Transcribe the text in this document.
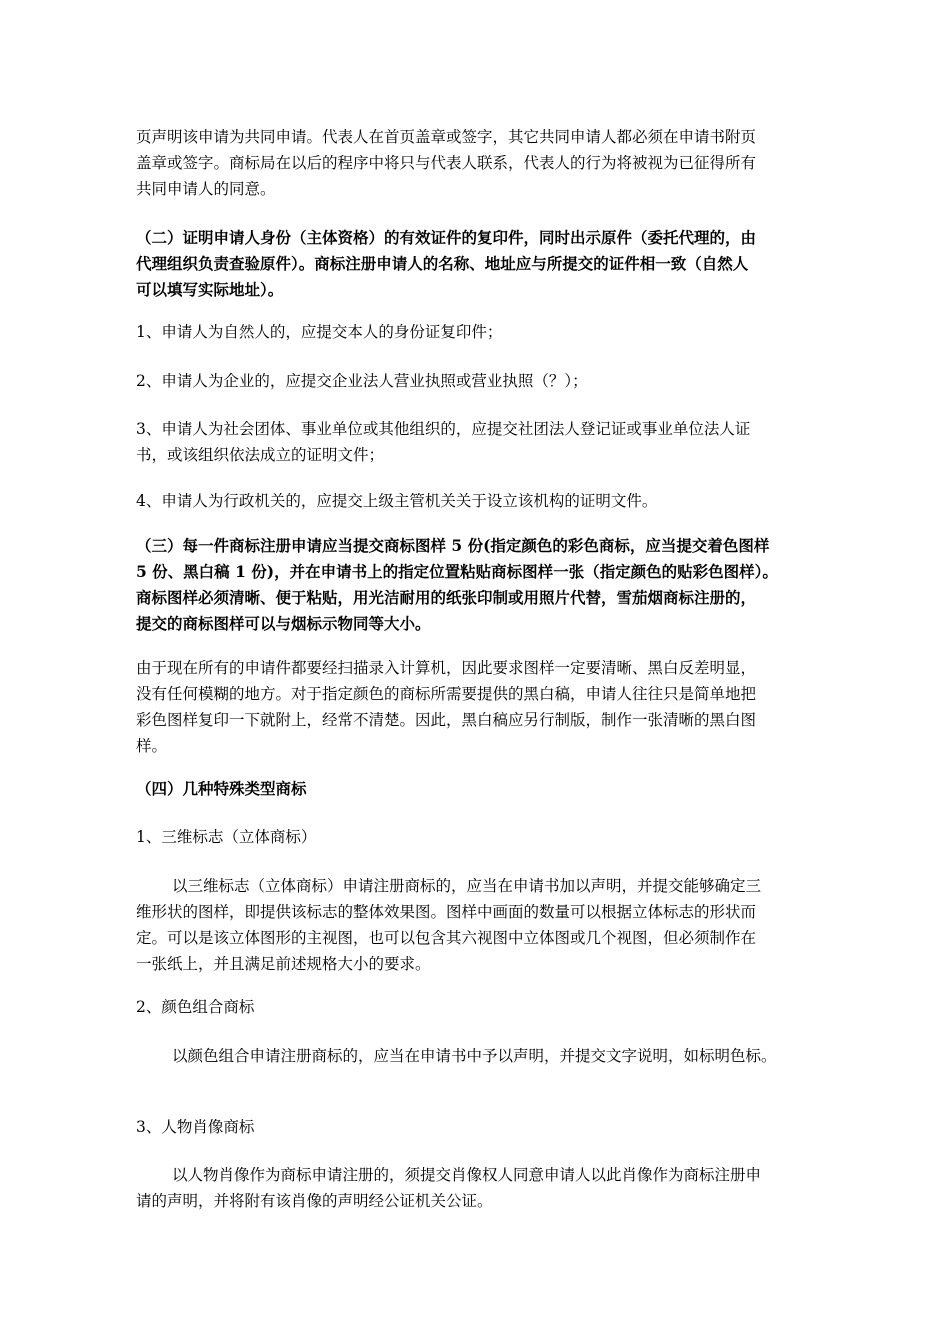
页声明该申请为共同申请。代表人在首页盖章或签字，其它共同申请人都必须在申请书附页
盖章或签字。商标局在以后的程序中将只与代表人联系，代表人的行为将被视为已征得所有
共同申请人的同意。
（二）证明申请人身份（主体资格）的有效证件的复印件，同时出示原件（委托代理的，由
代理组织负责查验原件）。商标注册申请人的名称、地址应与所提交的证件相一致（自然人
可以填写实际地址）。
1、申请人为自然人的，应提交本人的身份证复印件；
2、申请人为企业的，应提交企业法人营业执照或营业执照（？）；
3、申请人为社会团体、事业单位或其他组织的，应提交社团法人登记证或事业单位法人证
书，或该组织依法成立的证明文件；
4、申请人为行政机关的，应提交上级主管机关关于设立该机构的证明文件。
（三）每一件商标注册申请应当提交商标图样 5 份(指定颜色的彩色商标，应当提交着色图样
5 份、黑白稿 1 份)，并在申请书上的指定位置粘贴商标图样一张（指定颜色的贴彩色图样）。
商标图样必须清晰、便于粘贴，用光洁耐用的纸张印制或用照片代替，雪茄烟商标注册的，
提交的商标图样可以与烟标示物同等大小。
由于现在所有的申请件都要经扫描录入计算机，因此要求图样一定要清晰、黑白反差明显，
没有任何模糊的地方。对于指定颜色的商标所需要提供的黑白稿，申请人往往只是简单地把
彩色图样复印一下就附上，经常不清楚。因此，黑白稿应另行制版，制作一张清晰的黑白图
样。
（四）几种特殊类型商标
1、三维标志（立体商标）
以三维标志（立体商标）申请注册商标的，应当在申请书加以声明，并提交能够确定三
维形状的图样，即提供该标志的整体效果图。图样中画面的数量可以根据立体标志的形状而
定。可以是该立体图形的主视图，也可以包含其六视图中立体图或几个视图，但必须制作在
一张纸上，并且满足前述规格大小的要求。
2、颜色组合商标
以颜色组合申请注册商标的，应当在申请书中予以声明，并提交文字说明，如标明色标。
3、人物肖像商标
以人物肖像作为商标申请注册的，须提交肖像权人同意申请人以此肖像作为商标注册申
请的声明，并将附有该肖像的声明经公证机关公证。
